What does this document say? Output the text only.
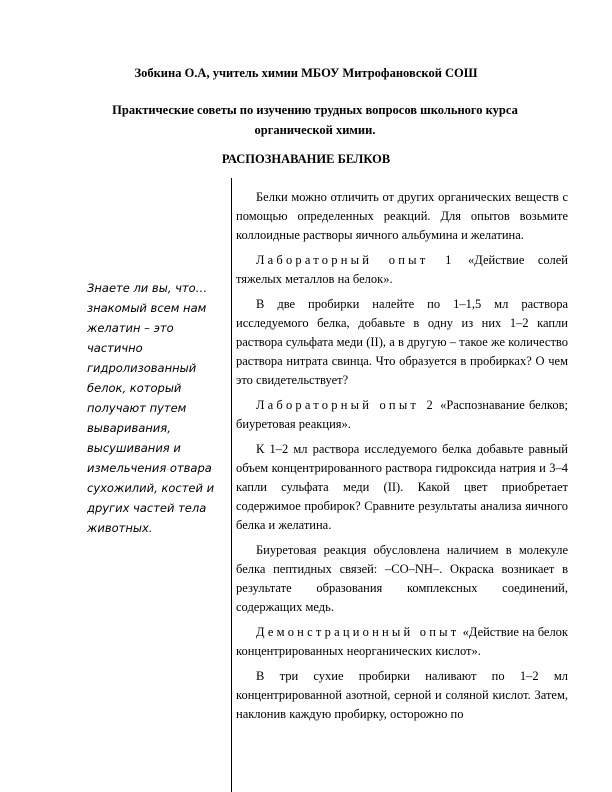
Зобкина О.А, учитель химии МБОУ Митрофановской СОШ
Практические советы по изучению трудных вопросов школьного курса органической химии.
РАСПОЗНАВАНИЕ БЕЛКОВ
Знаете ли вы, что…
знакомый всем нам желатин – это частично гидролизованный белок, который получают путем вываривания, высушивания и измельчения отвара сухожилий, костей и других частей тела животных.

Белки можно отличить от других органических веществ с помощью определенных реакций. Для опытов возьмите коллоидные растворы яичного альбумина и желатина.

Лабораторный опыт 1 «Действие солей тяжелых металлов на белок».

В две пробирки налейте по 1–1,5 мл раствора исследуемого белка, добавьте в одну из них 1–2 капли раствора сульфата меди (II), а в другую – такое же количество раствора нитрата свинца. Что образуется в пробирках? О чем это свидетельствует?

Лабораторный опыт 2 «Распознавание белков; биуретовая реакция».

К 1–2 мл раствора исследуемого белка добавьте равный объем концентрированного раствора гидроксида натрия и 3–4 капли сульфата меди (II). Какой цвет приобретает содержимое пробирок? Сравните результаты анализа яичного белка и желатина.

Биуретовая реакция обусловлена наличием в молекуле белка пептидных связей: –CO–NH–. Окраска возникает в результате образования комплексных соединений, содержащих медь.

Демонстрационный опыт «Действие на белок концентрированных неорганических кислот».

В три сухие пробирки наливают по 1–2 мл концентрированной азотной, серной и соляной кислот. Затем, наклонив каждую пробирку, осторожно по
